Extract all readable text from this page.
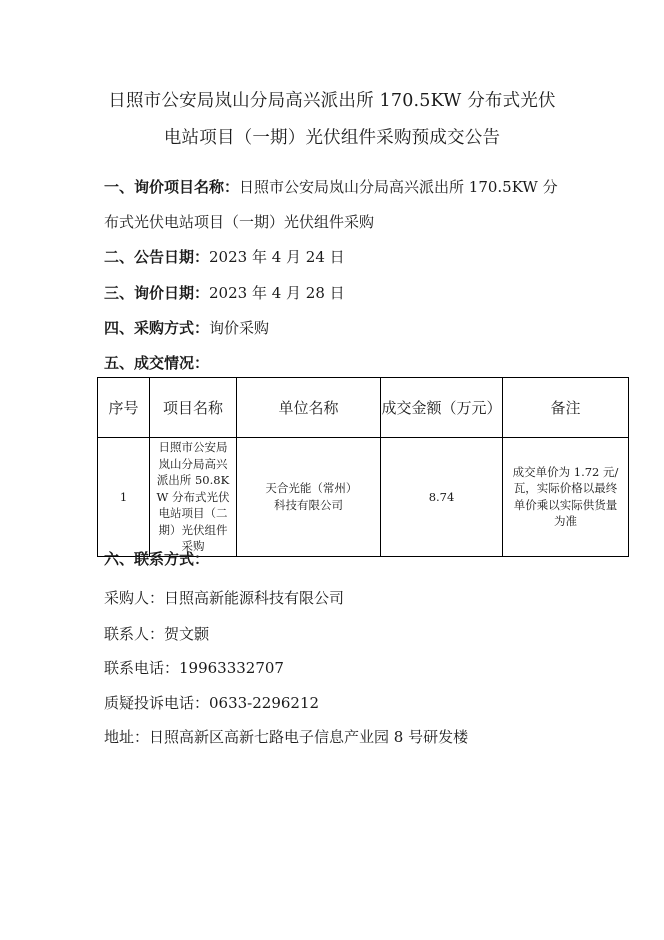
日照市公安局岚山分局高兴派出所 170.5KW 分布式光伏
电站项目（一期）光伏组件采购预成交公告
一、询价项目名称：日照市公安局岚山分局高兴派出所 170.5KW 分
布式光伏电站项目（一期）光伏组件采购
二、公告日期：2023 年 4 月 24 日
三、询价日期：2023 年 4 月 28 日
四、采购方式：询价采购
五、成交情况：
序号	项目名称	单位名称	成交金额（万元）	备注
1	日照市公安局岚山分局高兴派出所 50.8KW 分布式光伏电站项目（二期）光伏组件采购	天合光能（常州）科技有限公司	8.74	成交单价为 1.72 元/瓦，实际价格以最终单价乘以实际供货量为准
六、联系方式：
采购人：日照高新能源科技有限公司
联系人：贺文颢
联系电话：19963332707
质疑投诉电话：0633-2296212
地址：日照高新区高新七路电子信息产业园 8 号研发楼
